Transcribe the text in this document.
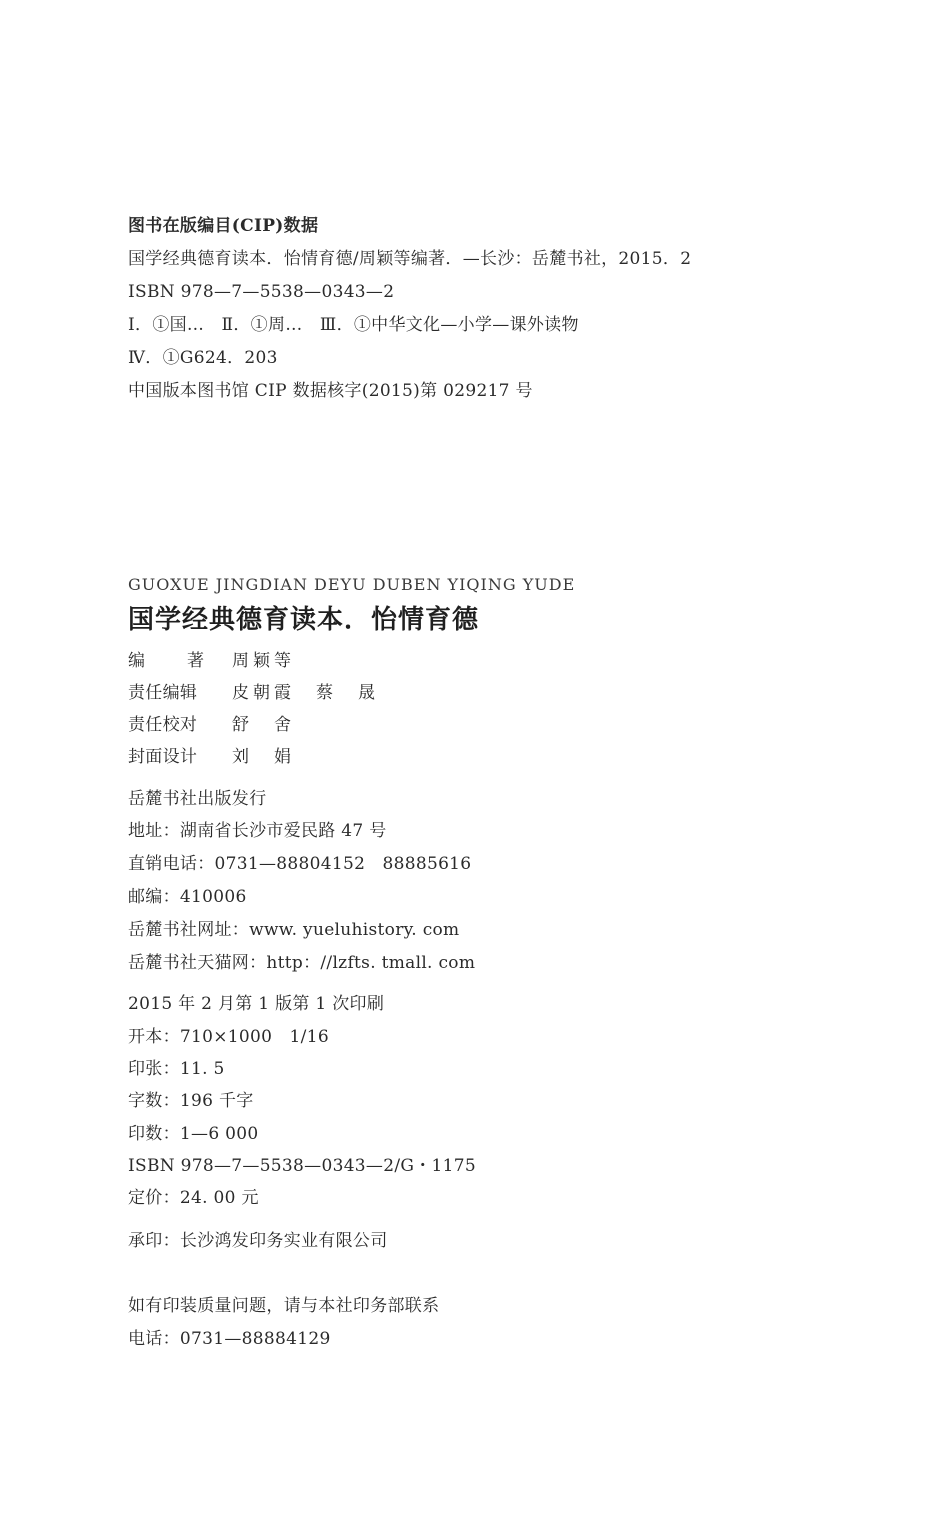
图书在版编目(CIP)数据
国学经典德育读本．怡情育德/周颖等编著．—长沙：岳麓书社，2015．2
ISBN 978—7—5538—0343—2
Ⅰ．①国…　Ⅱ．①周…　Ⅲ．①中华文化—小学—课外读物
Ⅳ．①G624．203
中国版本图书馆 CIP 数据核字(2015)第 029217 号
GUOXUE JINGDIAN DEYU DUBEN YIQING YUDE
国学经典德育读本．怡情育德
编著周颖等
责任编辑 皮朝霞　蔡　晟
责任校对 舒　舍
封面设计 刘　娟
岳麓书社出版发行
地址：湖南省长沙市爱民路 47 号
直销电话：0731—88804152　88885616
邮编：410006
岳麓书社网址：www. yueluhistory. com
岳麓书社天猫网：http：//lzfts. tmall. com
2015 年 2 月第 1 版第 1 次印刷
开本：710×1000　1/16
印张：11. 5
字数：196 千字
印数：1—6 000
ISBN 978—7—5538—0343—2/G・1175
定价：24. 00 元
承印：长沙鸿发印务实业有限公司
如有印装质量问题，请与本社印务部联系
电话：0731—88884129
